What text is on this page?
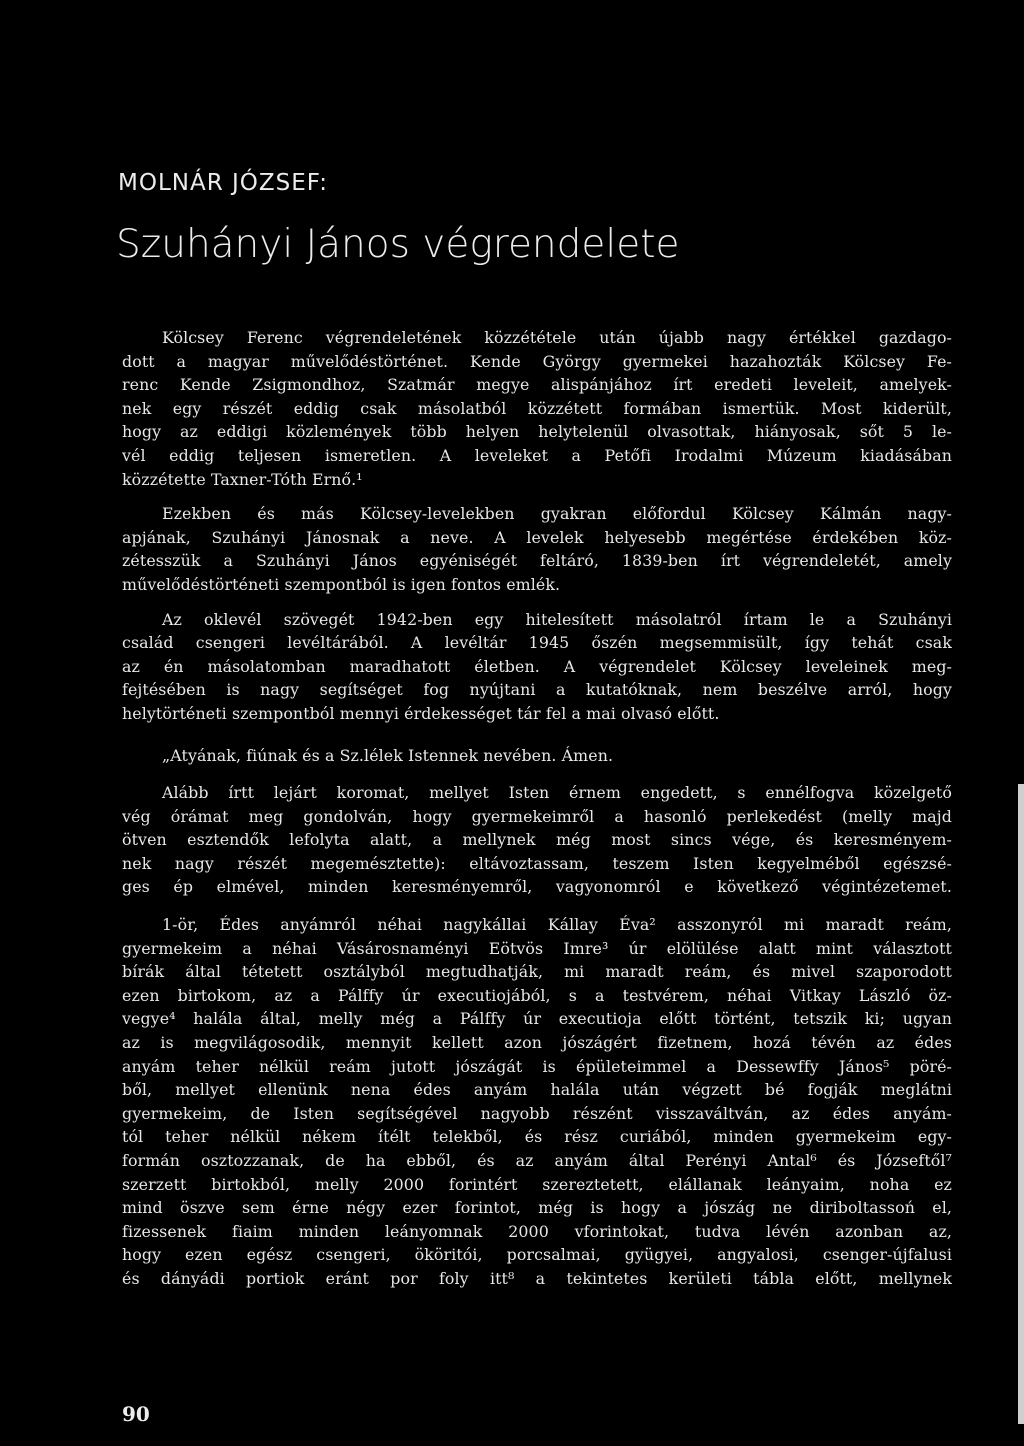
MOLNÁR JÓZSEF:
Szuhányi János végrendelete
Kölcsey Ferenc végrendeletének közzététele után újabb nagy értékkel gazdago-
dott a magyar művelődéstörténet. Kende György gyermekei hazahozták Kölcsey Fe-
renc Kende Zsigmondhoz, Szatmár megye alispánjához írt eredeti leveleit, amelyek-
nek egy részét eddig csak másolatból közzétett formában ismertük. Most kiderült,
hogy az eddigi közlemények több helyen helytelenül olvasottak, hiányosak, sőt 5 le-
vél eddig teljesen ismeretlen. A leveleket a Petőfi Irodalmi Múzeum kiadásában
közzétette Taxner-Tóth Ernő.¹
Ezekben és más Kölcsey-levelekben gyakran előfordul Kölcsey Kálmán nagy-
apjának, Szuhányi Jánosnak a neve. A levelek helyesebb megértése érdekében köz-
zétesszük a Szuhányi János egyéniségét feltáró, 1839-ben írt végrendeletét, amely
művelődéstörténeti szempontból is igen fontos emlék.
Az oklevél szövegét 1942-ben egy hitelesített másolatról írtam le a Szuhányi
család csengeri levéltárából. A levéltár 1945 őszén megsemmisült, így tehát csak
az én másolatomban maradhatott életben. A végrendelet Kölcsey leveleinek meg-
fejtésében is nagy segítséget fog nyújtani a kutatóknak, nem beszélve arról, hogy
helytörténeti szempontból mennyi érdekességet tár fel a mai olvasó előtt.
„Atyának, fiúnak és a Sz.lélek Istennek nevében. Ámen.
Alább írtt lejárt koromat, mellyet Isten érnem engedett, s ennélfogva közelgető
vég órámat meg gondolván, hogy gyermekeimről a hasonló perlekedést (melly majd
ötven esztendők lefolyta alatt, a mellynek még most sincs vége, és keresményem-
nek nagy részét megemésztette): eltávoztassam, teszem Isten kegyelméből egészsé-
ges ép elmével, minden keresményemről, vagyonomról e következő végintézetemet.
1-ör, Édes anyámról néhai nagykállai Kállay Éva² asszonyról mi maradt reám,
gyermekeim a néhai Vásárosnaményi Eötvös Imre³ úr elölülése alatt mint választott
bírák által tétetett osztályból megtudhatják, mi maradt reám, és mivel szaporodott
ezen birtokom, az a Pálffy úr executiojából, s a testvérem, néhai Vitkay László öz-
vegye⁴ halála által, melly még a Pálffy úr executioja előtt történt, tetszik ki; ugyan
az is megvilágosodik, mennyit kellett azon jószágért fizetnem, hozá tévén az édes
anyám teher nélkül reám jutott jószágát is épületeimmel a Dessewffy János⁵ pöré-
ből, mellyet ellenünk nena édes anyám halála után végzett bé fogják meglátni
gyermekeim, de Isten segítségével nagyobb részént visszaváltván, az édes anyám-
tól teher nélkül nékem ítélt telekből, és rész curiából, minden gyermekeim egy-
formán osztozzanak, de ha ebből, és az anyám által Perényi Antal⁶ és Józseftől⁷
szerzett birtokból, melly 2000 forintért szereztetett, elállanak leányaim, noha ez
mind öszve sem érne négy ezer forintot, még is hogy a jószág ne diriboltassoń el,
fizessenek fiaim minden leányomnak 2000 vforintokat, tudva lévén azonban az,
hogy ezen egész csengeri, ököritói, porcsalmai, gyügyei, angyalosi, csenger-újfalusi
és dányádi portiok eránt por foly itt⁸ a tekintetes kerületi tábla előtt, mellynek
90
